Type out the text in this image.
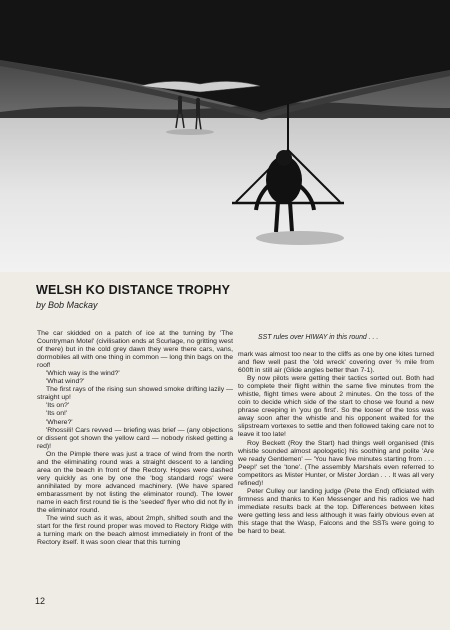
WELSH KO DISTANCE TROPHY
by Bob Mackay
SST rules over HIWAY in this round . . .

The car skidded on a patch of ice at the turning by 'The Countryman Motel' (civilisation ends at Scurlage, no gritting west of there) but in the cold grey dawn they were there cars, vans, dormobiles all with one thing in common — long thin bags on the roof!

'Which way is the wind?'

'What wind?'

The first rays of the rising sun showed smoke drifting lazily — straight up!

'Its on?'

'Its on!'

'Where?'

'Rhossili! Cars revved — briefing was brief — (any objections or dissent got shown the yellow card — nobody risked getting a red)!

On the Pimple there was just a trace of wind from the north and the eliminating round was a straight descent to a landing area on the beach in front of the Rectory. Hopes were dashed very quickly as one by one the 'bog standard rogs' were annihilated by more advanced machinery. (We have spared embarassment by not listing the eliminator round). The lower name in each first round tie is the 'seeded' flyer who did not fly in the eliminator round.

The wind such as it was, about 2mph, shifted south and the start for the first round proper was moved to Rectory Ridge with a turning mark on the beach almost immediately in front of the Rectory itself. It was soon clear that this turning

mark was almost too near to the cliffs as one by one kites turned and flew well past the 'old wreck' covering over ¾ mile from 600ft in still air (Glide angles better than 7-1).

By now pilots were getting their tactics sorted out. Both had to complete their flight within the same five minutes from the whistle, flight times were about 2 minutes. On the toss of the coin to decide which side of the start to chose we found a new phrase creeping in 'you go first'. So the looser of the toss was away soon after the whistle and his opponent waited for the slipstream vortexes to settle and then followed taking care not to leave it too late!

Roy Beckett (Roy the Start) had things well organised (this whistle sounded almost apologetic) his soothing and polite 'Are we ready Gentlemen' — 'You have five minutes starting from . . . Peep!' set the 'tone'. (The assembly Marshals even referred to competitors as Mister Hunter, or Mister Jordan . . . It was all very refined)!

Peter Culley our landing judge (Pete the End) officiated with firmness and thanks to Ken Messenger and his radios we had immediate results back at the top. Differences between kites were getting less and less although it was fairly obvious even at this stage that the Wasp, Falcons and the SSTs were going to be hard to beat.

12
